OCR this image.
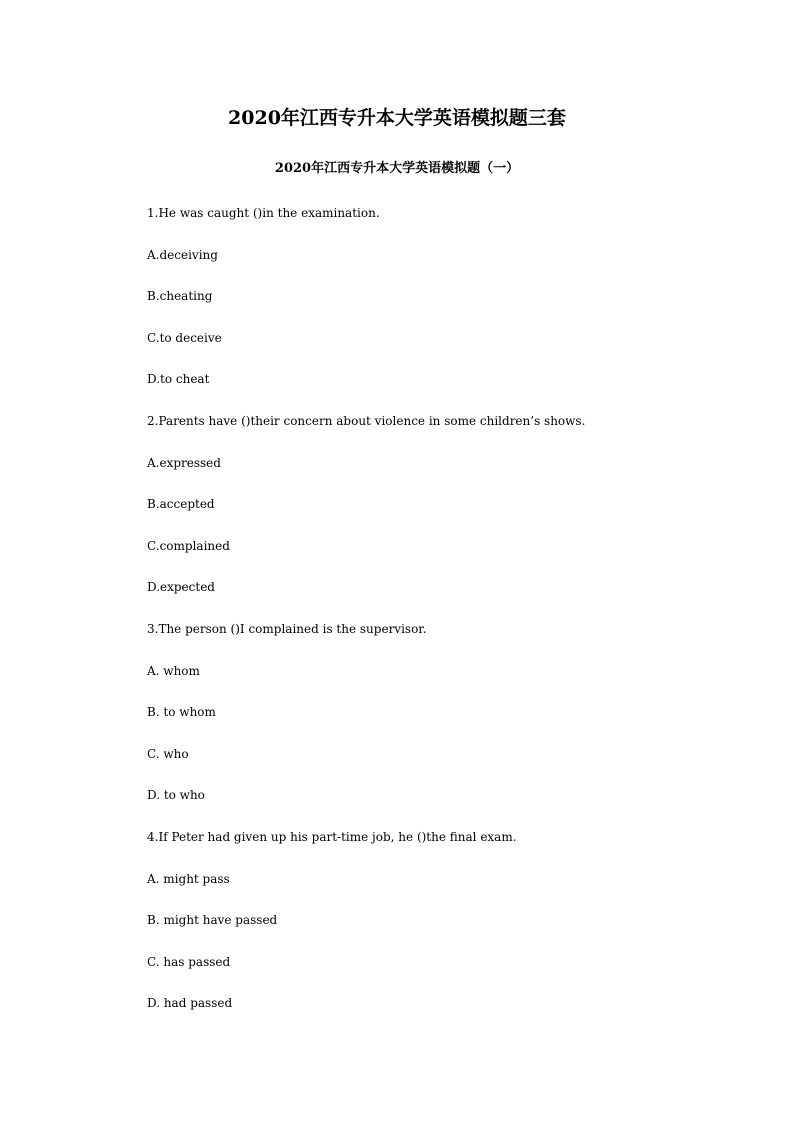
2020年江西专升本大学英语模拟题三套
2020年江西专升本大学英语模拟题（一）

1.He was caught ()in the examination.

A.deceiving

B.cheating

C.to deceive

D.to cheat

2.Parents have ()their concern about violence in some children’s shows.

A.expressed

B.accepted

C.complained

D.expected

3.The person ()I complained is the supervisor.

A. whom

B. to whom

C. who

D. to who

4.If Peter had given up his part-time job, he ()the final exam.

A. might pass

B. might have passed

C. has passed

D. had passed
